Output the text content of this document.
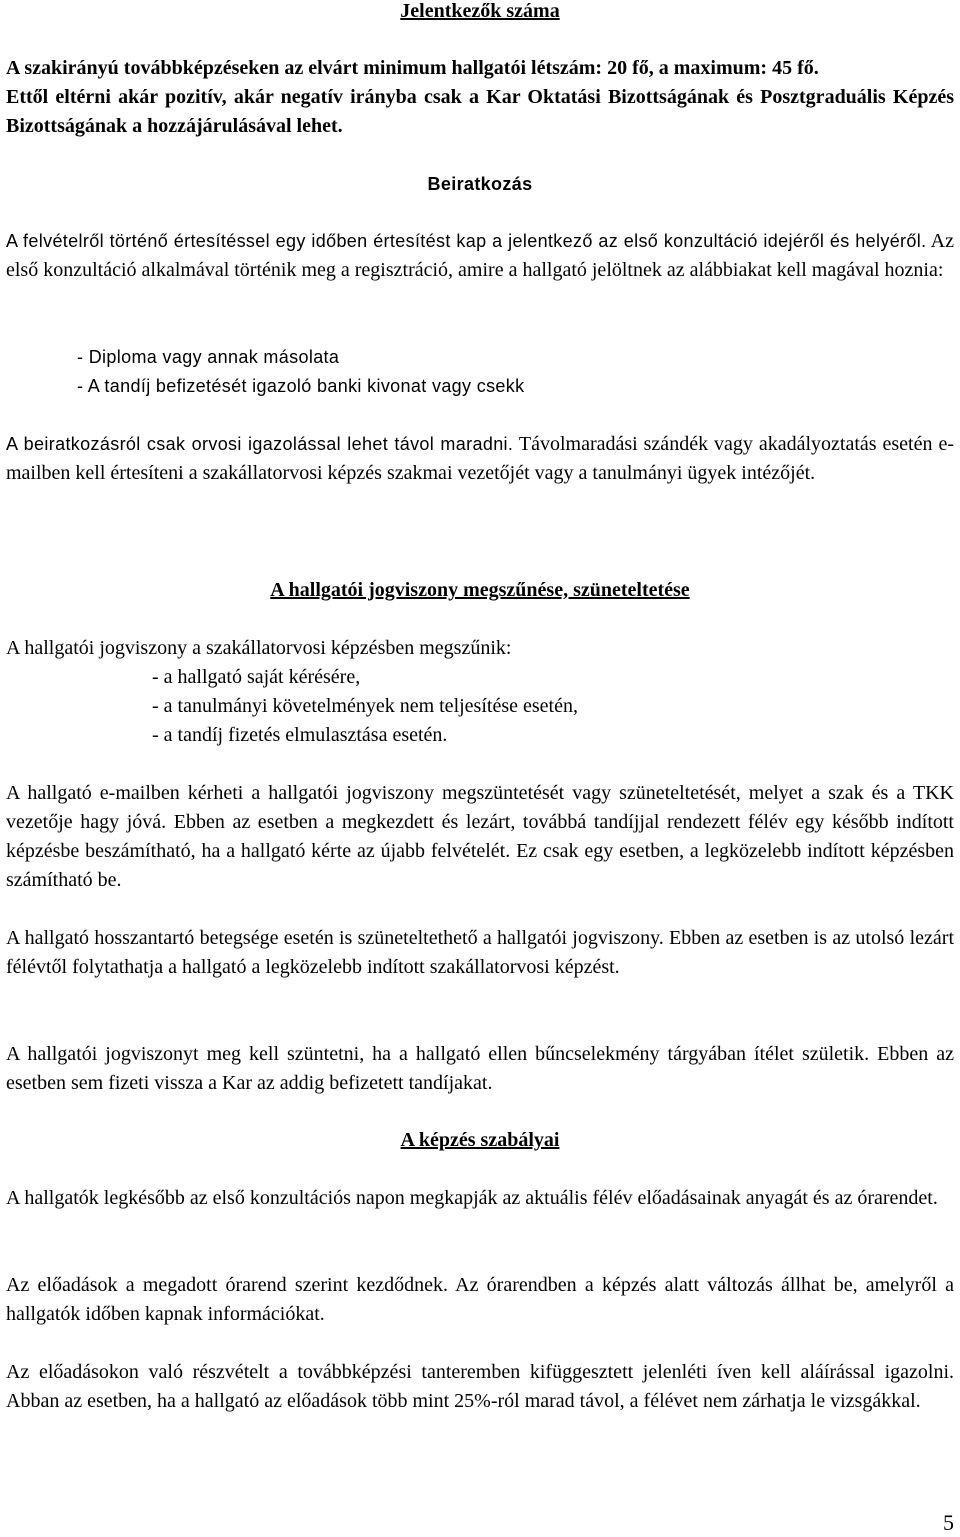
Jelentkezők száma

A szakirányú továbbképzéseken az elvárt minimum hallgatói létszám: 20 fő, a maximum: 45 fő.

Ettől eltérni akár pozitív, akár negatív irányba csak a Kar Oktatási Bizottságának és Posztgraduális Képzés Bizottságának a hozzájárulásával lehet.

Beiratkozás

A felvételről történő értesítéssel egy időben értesítést kap a jelentkező az első konzultáció idejéről és helyéről. Az első konzultáció alkalmával történik meg a regisztráció, amire a hallgató jelöltnek az alábbiakat kell magával hoznia:

- Diploma vagy annak másolata
- A tandíj befizetését igazoló banki kivonat vagy csekk

A beiratkozásról csak orvosi igazolással lehet távol maradni. Távolmaradási szándék vagy akadályoztatás esetén e-mailben kell értesíteni a szakállatorvosi képzés szakmai vezetőjét vagy a tanulmányi ügyek intézőjét.

A hallgatói jogviszony megszűnése, szüneteltetése

A hallgatói jogviszony a szakállatorvosi képzésben megszűnik:

- a hallgató saját kérésére,
- a tanulmányi követelmények nem teljesítése esetén,
- a tandíj fizetés elmulasztása esetén.

A hallgató e-mailben kérheti a hallgatói jogviszony megszüntetését vagy szüneteltetését, melyet a szak és a TKK vezetője hagy jóvá. Ebben az esetben a megkezdett és lezárt, továbbá tandíjjal rendezett félév egy később indított képzésbe beszámítható, ha a hallgató kérte az újabb felvételét. Ez csak egy esetben, a legközelebb indított képzésben számítható be.

A hallgató hosszantartó betegsége esetén is szüneteltethető a hallgatói jogviszony. Ebben az esetben is az utolsó lezárt félévtől folytathatja a hallgató a legközelebb indított szakállatorvosi képzést.

A hallgatói jogviszonyt meg kell szüntetni, ha a hallgató ellen bűncselekmény tárgyában ítélet születik. Ebben az esetben sem fizeti vissza a Kar az addig befizetett tandíjakat.

A képzés szabályai

A hallgatók legkésőbb az első konzultációs napon megkapják az aktuális félév előadásainak anyagát és az órarendet.

Az előadások a megadott órarend szerint kezdődnek. Az órarendben a képzés alatt változás állhat be, amelyről a hallgatók időben kapnak információkat.

Az előadásokon való részvételt a továbbképzési tanteremben kifüggesztett jelenléti íven kell aláírással igazolni. Abban az esetben, ha a hallgató az előadások több mint 25%-ról marad távol, a félévet nem zárhatja le vizsgákkal.

5
